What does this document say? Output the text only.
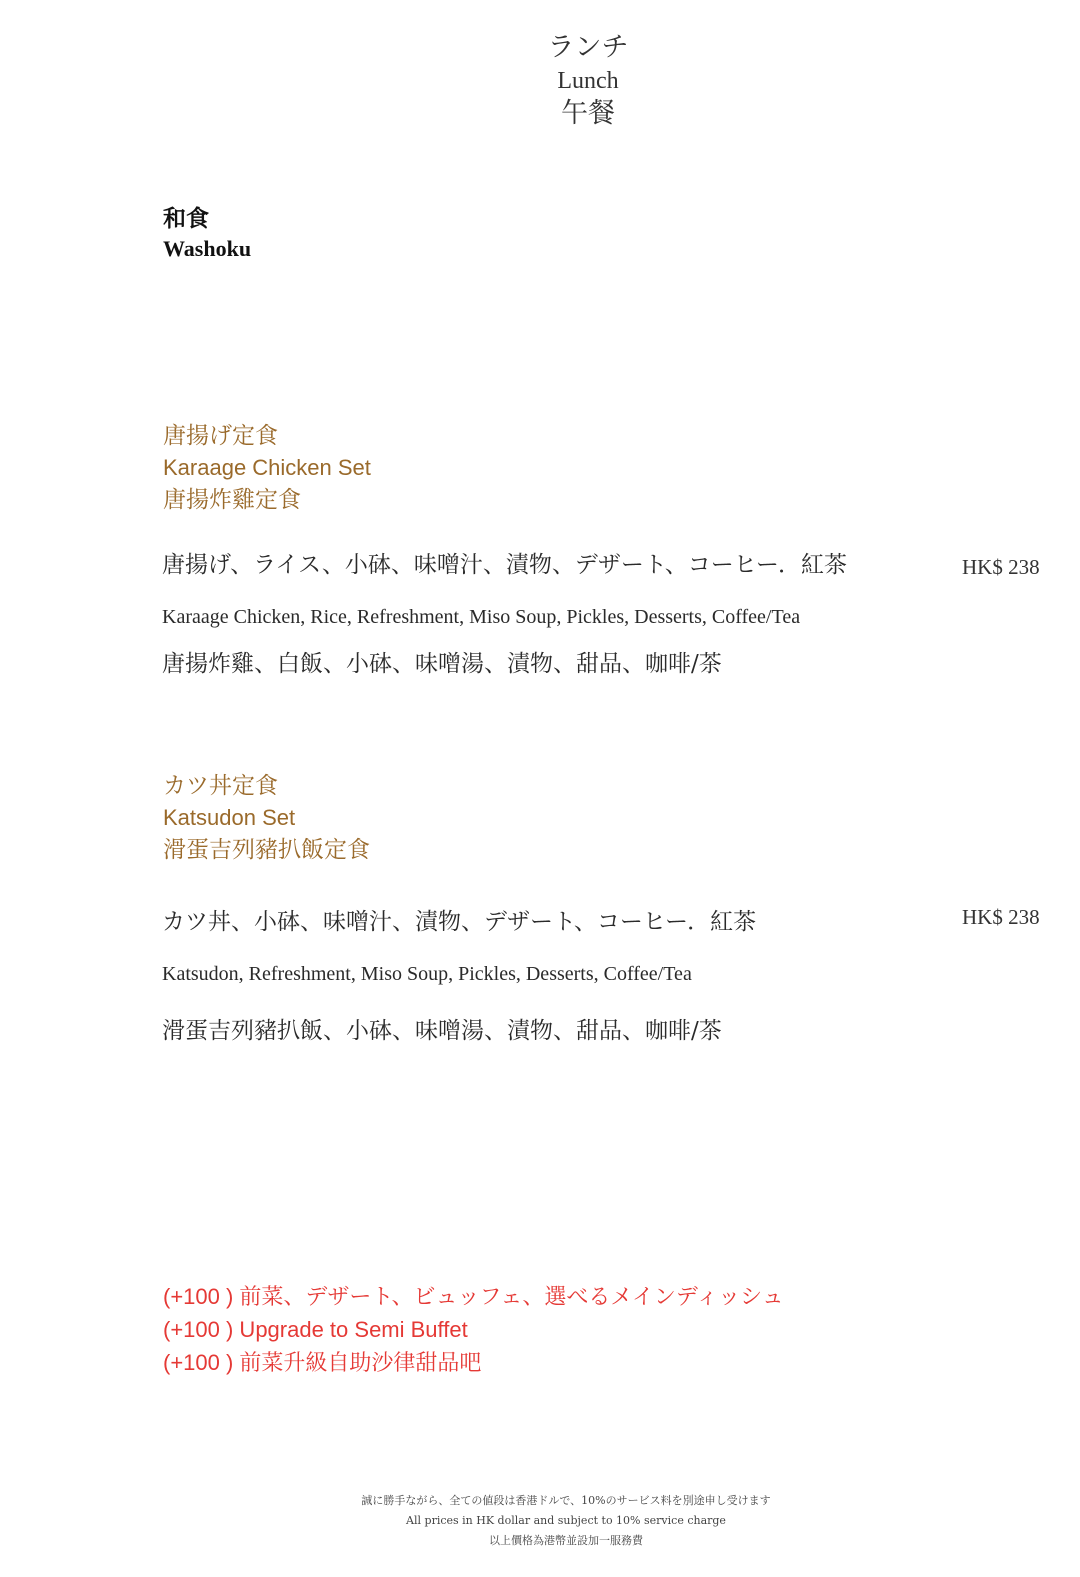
ランチ
Lunch
午餐
和食
Washoku
唐揚げ定食
Karaage Chicken Set
唐揚炸雞定食
唐揚げ、ライス、小砵、味噌汁、漬物、デザート、コーヒー．紅茶	HK$ 238
Karaage Chicken, Rice, Refreshment, Miso Soup, Pickles, Desserts, Coffee/Tea
唐揚炸雞、白飯、小砵、味噌湯、漬物、甜品、咖啡/茶
カツ丼定食
Katsudon Set
滑蛋吉列豬扒飯定食
カツ丼、小砵、味噌汁、漬物、デザート、コーヒー．紅茶	HK$ 238
Katsudon, Refreshment, Miso Soup, Pickles, Desserts, Coffee/Tea
滑蛋吉列豬扒飯、小砵、味噌湯、漬物、甜品、咖啡/茶
(+100 ) 前菜、デザート、ビュッフェ、選べるメインディッシュ
(+100 ) Upgrade to Semi Buffet
(+100 ) 前菜升級自助沙律甜品吧
誠に勝手ながら、全ての値段は香港ドルで、10%のサービス料を別途申し受けます
All prices in HK dollar and subject to 10% service charge
以上價格為港幣並設加一服務費
